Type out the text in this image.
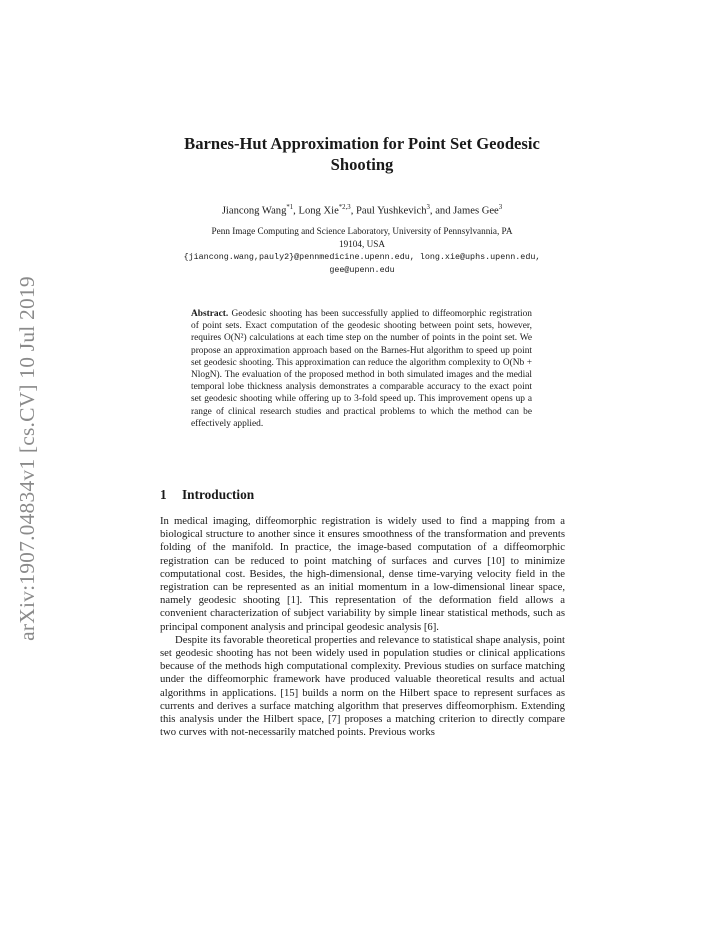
arXiv:1907.04834v1 [cs.CV] 10 Jul 2019
Barnes-Hut Approximation for Point Set Geodesic Shooting
Jiancong Wang$^{*1}$, Long Xie$^{*2,3}$, Paul Yushkevich$^3$, and James Gee$^3$
Penn Image Computing and Science Laboratory, University of Pennsylvannia, PA
19104, USA
{jiancong.wang,pauly2}@pennmedicine.upenn.edu, long.xie@uphs.upenn.edu,
gee@upenn.edu

Abstract. Geodesic shooting has been successfully applied to diffeomorphic registration of point sets. Exact computation of the geodesic shooting between point sets, however, requires O(N²) calculations at each time step on the number of points in the point set. We propose an approximation approach based on the Barnes-Hut algorithm to speed up point set geodesic shooting. This approximation can reduce the algorithm complexity to O(Nb + NlogN). The evaluation of the proposed method in both simulated images and the medial temporal lobe thickness analysis demonstrates a comparable accuracy to the exact point set geodesic shooting while offering up to 3-fold speed up. This improvement opens up a range of clinical research studies and practical problems to which the method can be effectively applied.

1 Introduction

In medical imaging, diffeomorphic registration is widely used to find a mapping from a biological structure to another since it ensures smoothness of the transformation and prevents folding of the manifold. In practice, the image-based computation of a diffeomorphic registration can be reduced to point matching of surfaces and curves [10] to minimize computational cost. Besides, the high-dimensional, dense time-varying velocity field in the registration can be represented as an initial momentum in a low-dimensional linear space, namely geodesic shooting [1]. This representation of the deformation field allows a convenient characterization of subject variability by simple linear statistical methods, such as principal component analysis and principal geodesic analysis [6].

Despite its favorable theoretical properties and relevance to statistical shape analysis, point set geodesic shooting has not been widely used in population studies or clinical applications because of the methods high computational complexity. Previous studies on surface matching under the diffeomorphic framework have produced valuable theoretical results and actual algorithms in applications. [15] builds a norm on the Hilbert space to represent surfaces as currents and derives a surface matching algorithm that preserves diffeomorphism. Extending this analysis under the Hilbert space, [7] proposes a matching criterion to directly compare two curves with not-necessarily matched points. Previous works
